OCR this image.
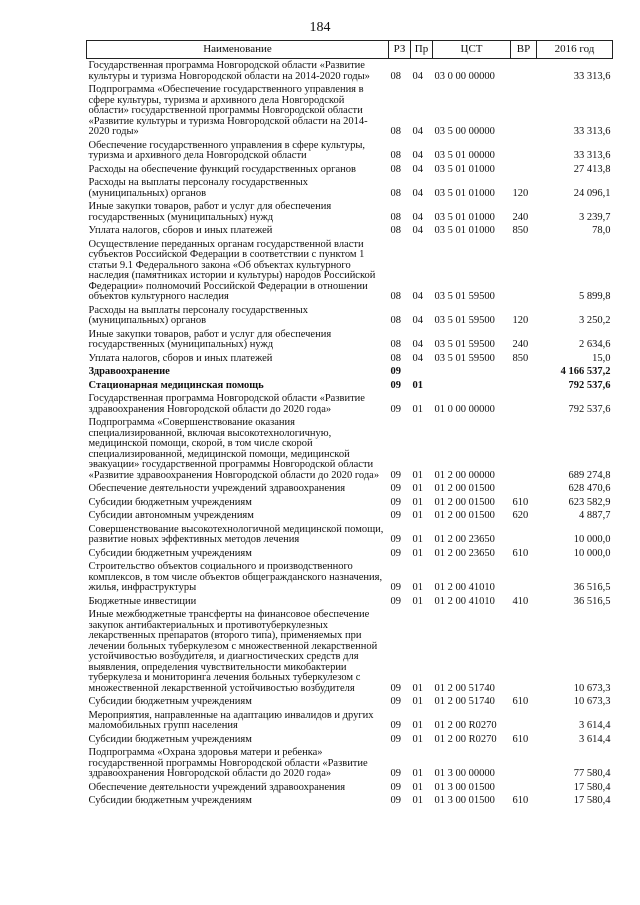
184
Наименование	РЗ	Пр	ЦСТ	ВР	2016 год
Государственная программа Новгородской области «Развитие культуры и туризма Новгородской области на 2014-2020 годы»	08	04	03 0 00 00000		33 313,6
Подпрограмма «Обеспечение государственного управления в сфере культуры, туризма и архивного дела Новгородской области» государственной программы Новгородской области «Развитие культуры и туризма Новгородской области на 2014-2020 годы»	08	04	03 5 00 00000		33 313,6
Обеспечение государственного управления в сфере культуры, туризма и архивного дела Новгородской области	08	04	03 5 01 00000		33 313,6
Расходы на обеспечение функций государственных органов	08	04	03 5 01 01000		27 413,8
Расходы на выплаты персоналу государственных (муниципальных) органов	08	04	03 5 01 01000	120	24 096,1
Иные закупки товаров, работ и услуг для обеспечения государственных (муниципальных) нужд	08	04	03 5 01 01000	240	3 239,7
Уплата налогов, сборов и иных платежей	08	04	03 5 01 01000	850	78,0
Осуществление переданных органам государственной власти субъектов Российской Федерации в соответствии с пунктом 1 статьи 9.1 Федерального закона «Об объектах культурного наследия (памятниках истории и культуры) народов Российской Федерации» полномочий Российской Федерации в отношении объектов культурного наследия	08	04	03 5 01 59500		5 899,8
Расходы на выплаты персоналу государственных (муниципальных) органов	08	04	03 5 01 59500	120	3 250,2
Иные закупки товаров, работ и услуг для обеспечения государственных (муниципальных) нужд	08	04	03 5 01 59500	240	2 634,6
Уплата налогов, сборов и иных платежей	08	04	03 5 01 59500	850	15,0
Здравоохранение	09				4 166 537,2
Стационарная медицинская помощь	09	01			792 537,6
Государственная программа Новгородской области «Развитие здравоохранения Новгородской области до 2020 года»	09	01	01 0 00 00000		792 537,6
Подпрограмма «Совершенствование оказания специализированной, включая высокотехнологичную, медицинской помощи, скорой, в том числе скорой специализированной, медицинской помощи, медицинской эвакуации» государственной программы Новгородской области «Развитие здравоохранения Новгородской области до 2020 года»	09	01	01 2 00 00000		689 274,8
Обеспечение деятельности учреждений здравоохранения	09	01	01 2 00 01500		628 470,6
Субсидии бюджетным учреждениям	09	01	01 2 00 01500	610	623 582,9
Субсидии автономным учреждениям	09	01	01 2 00 01500	620	4 887,7
Совершенствование высокотехнологичной медицинской помощи, развитие новых эффективных методов лечения	09	01	01 2 00 23650		10 000,0
Субсидии бюджетным учреждениям	09	01	01 2 00 23650	610	10 000,0
Строительство объектов социального и производственного комплексов, в том числе объектов общегражданского назначения, жилья, инфраструктуры	09	01	01 2 00 41010		36 516,5
Бюджетные инвестиции	09	01	01 2 00 41010	410	36 516,5
Иные межбюджетные трансферты на финансовое обеспечение закупок антибактериальных и противотуберкулезных лекарственных препаратов (второго типа), применяемых при лечении больных туберкулезом с множественной лекарственной устойчивостью возбудителя, и диагностических средств для выявления, определения чувствительности микобактерии туберкулеза и мониторинга лечения больных туберкулезом с множественной лекарственной устойчивостью возбудителя	09	01	01 2 00 51740		10 673,3
Субсидии бюджетным учреждениям	09	01	01 2 00 51740	610	10 673,3
Мероприятия, направленные на адаптацию инвалидов и других маломобильных групп населения	09	01	01 2 00 R0270		3 614,4
Субсидии бюджетным учреждениям	09	01	01 2 00 R0270	610	3 614,4
Подпрограмма «Охрана здоровья матери и ребенка» государственной программы Новгородской области «Развитие здравоохранения Новгородской области до 2020 года»	09	01	01 3 00 00000		77 580,4
Обеспечение деятельности учреждений здравоохранения	09	01	01 3 00 01500		17 580,4
Субсидии бюджетным учреждениям	09	01	01 3 00 01500	610	17 580,4
